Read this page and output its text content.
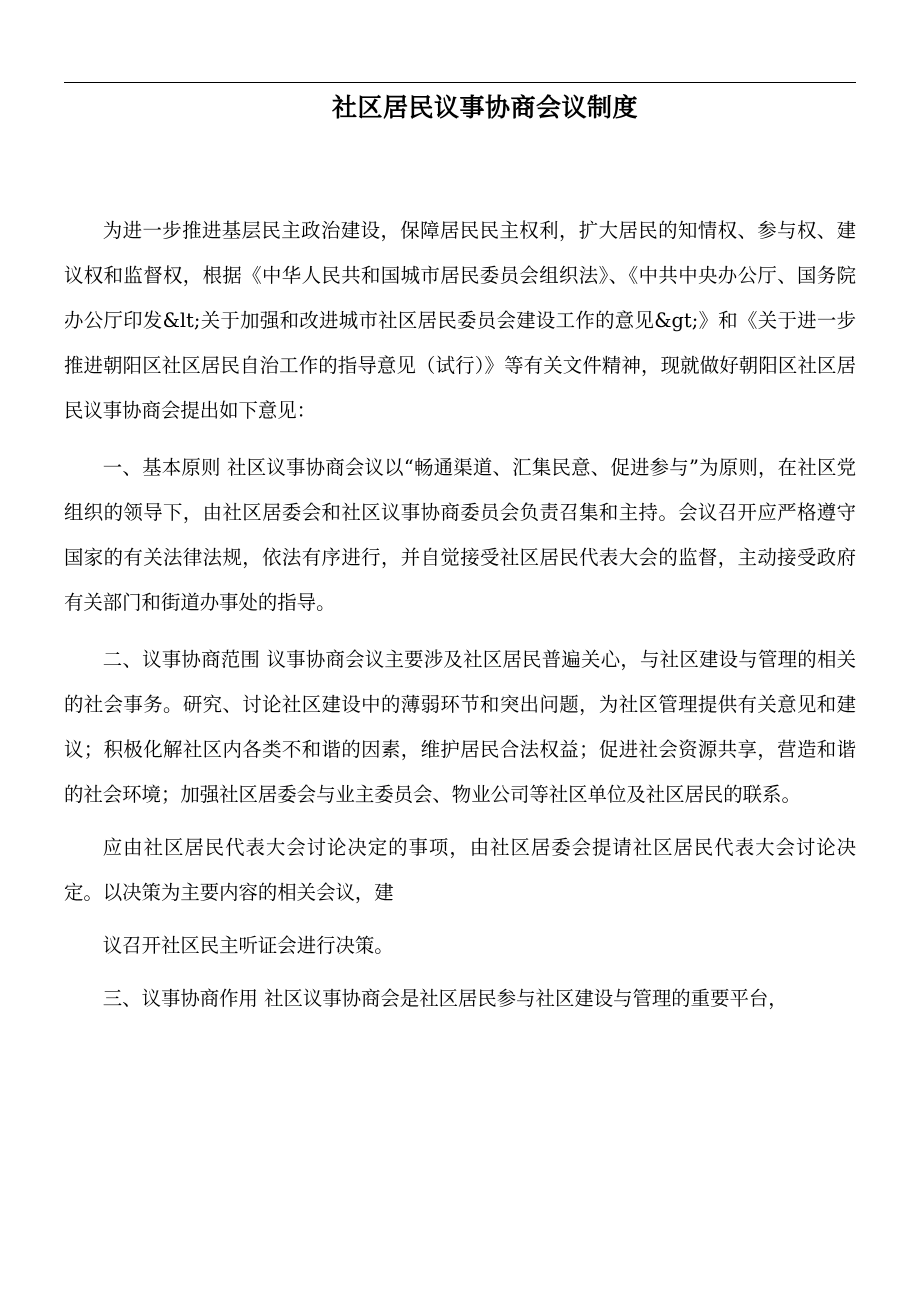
社区居民议事协商会议制度

为进一步推进基层民主政治建设，保障居民民主权利，扩大居民的知情权、参与权、建议权和监督权，根据《中华人民共和国城市居民委员会组织法》、《中共中央办公厅、国务院办公厅印发&lt;关于加强和改进城市社区居民委员会建设工作的意见&gt;》和《关于进一步推进朝阳区社区居民自治工作的指导意见（试行）》等有关文件精神，现就做好朝阳区社区居民议事协商会提出如下意见：

一、基本原则 社区议事协商会议以“畅通渠道、汇集民意、促进参与”为原则，在社区党组织的领导下，由社区居委会和社区议事协商委员会负责召集和主持。会议召开应严格遵守国家的有关法律法规，依法有序进行，并自觉接受社区居民代表大会的监督，主动接受政府有关部门和街道办事处的指导。

二、议事协商范围 议事协商会议主要涉及社区居民普遍关心，与社区建设与管理的相关的社会事务。研究、讨论社区建设中的薄弱环节和突出问题，为社区管理提供有关意见和建议；积极化解社区内各类不和谐的因素，维护居民合法权益；促进社会资源共享，营造和谐的社会环境；加强社区居委会与业主委员会、物业公司等社区单位及社区居民的联系。

应由社区居民代表大会讨论决定的事项，由社区居委会提请社区居民代表大会讨论决定。以决策为主要内容的相关会议，建

议召开社区民主听证会进行决策。

三、议事协商作用 社区议事协商会是社区居民参与社区建设与管理的重要平台，
